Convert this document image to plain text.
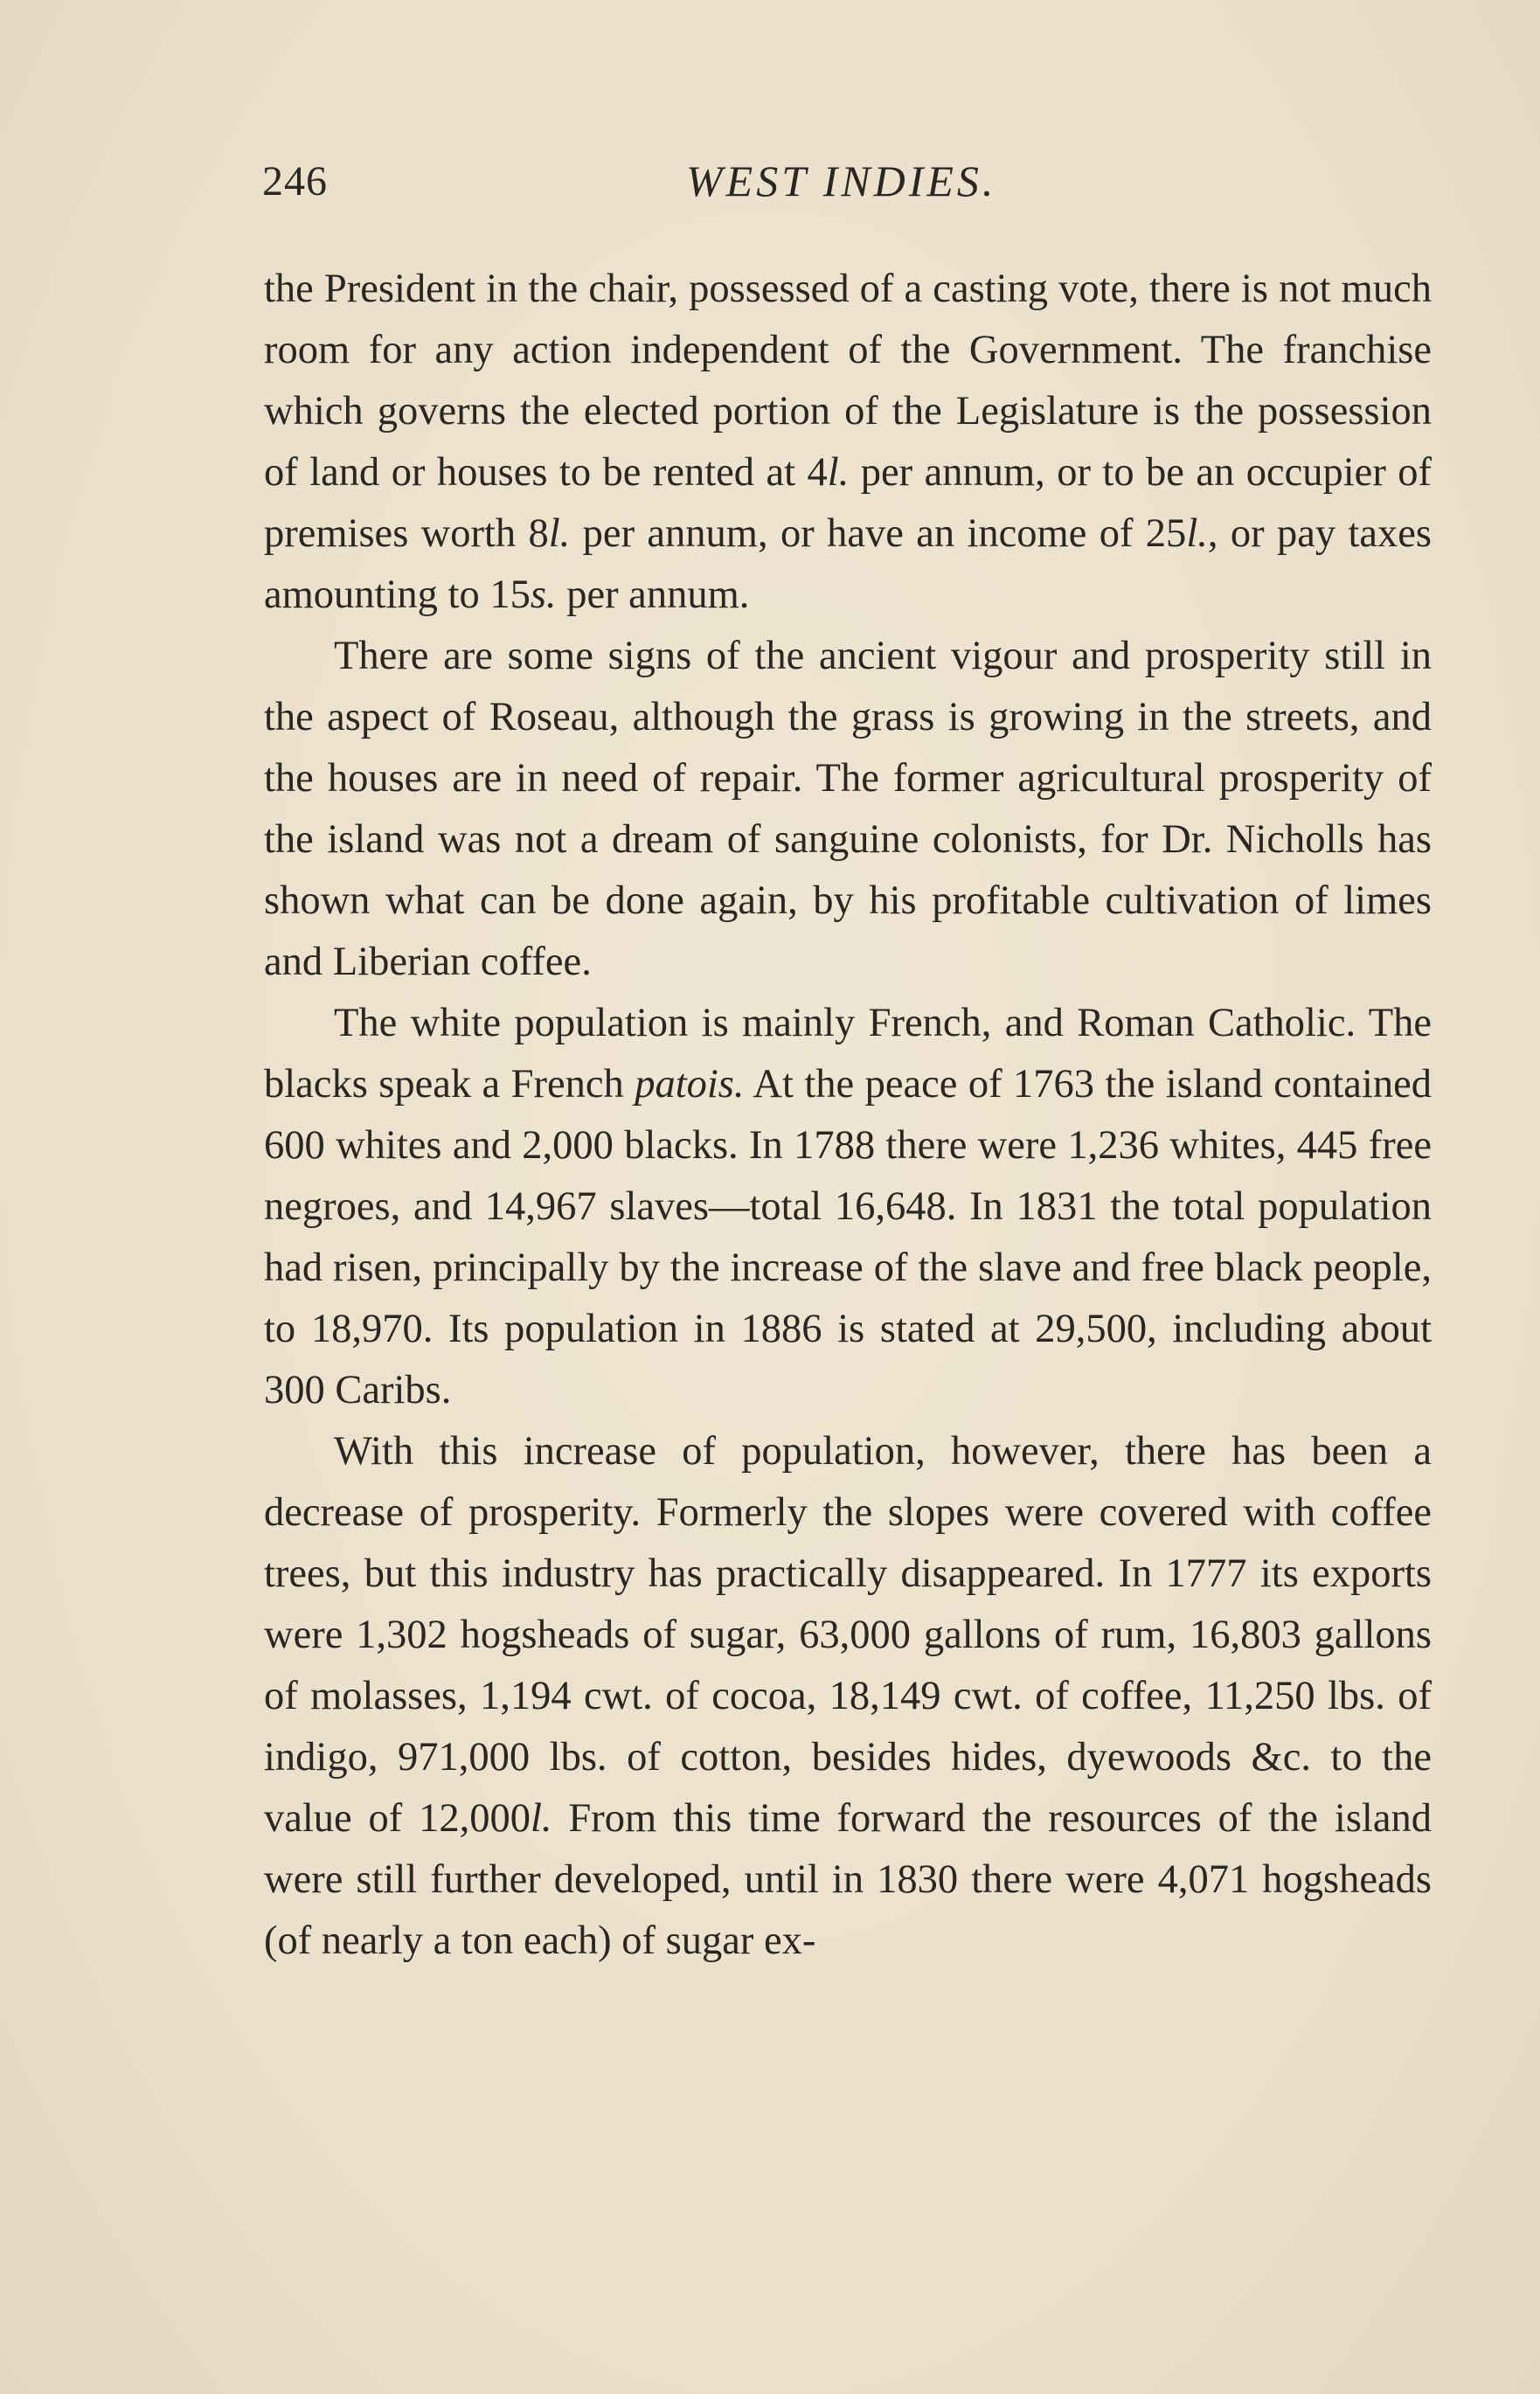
246	WEST INDIES.

the President in the chair, possessed of a casting vote, there is not much room for any action independent of the Government. The franchise which governs the elected portion of the Legislature is the possession of land or houses to be rented at 4l. per annum, or to be an occupier of premises worth 8l. per annum, or have an income of 25l., or pay taxes amounting to 15s. per annum.

There are some signs of the ancient vigour and prosperity still in the aspect of Roseau, although the grass is growing in the streets, and the houses are in need of repair. The former agricultural prosperity of the island was not a dream of sanguine colonists, for Dr. Nicholls has shown what can be done again, by his profitable cultivation of limes and Liberian coffee.

The white population is mainly French, and Roman Catholic. The blacks speak a French patois. At the peace of 1763 the island contained 600 whites and 2,000 blacks. In 1788 there were 1,236 whites, 445 free negroes, and 14,967 slaves—total 16,648. In 1831 the total population had risen, principally by the increase of the slave and free black people, to 18,970. Its population in 1886 is stated at 29,500, including about 300 Caribs.

With this increase of population, however, there has been a decrease of prosperity. Formerly the slopes were covered with coffee trees, but this industry has practically disappeared. In 1777 its exports were 1,302 hogsheads of sugar, 63,000 gallons of rum, 16,803 gallons of molasses, 1,194 cwt. of cocoa, 18,149 cwt. of coffee, 11,250 lbs. of indigo, 971,000 lbs. of cotton, besides hides, dyewoods &c. to the value of 12,000l. From this time forward the resources of the island were still further developed, until in 1830 there were 4,071 hogsheads (of nearly a ton each) of sugar ex-
